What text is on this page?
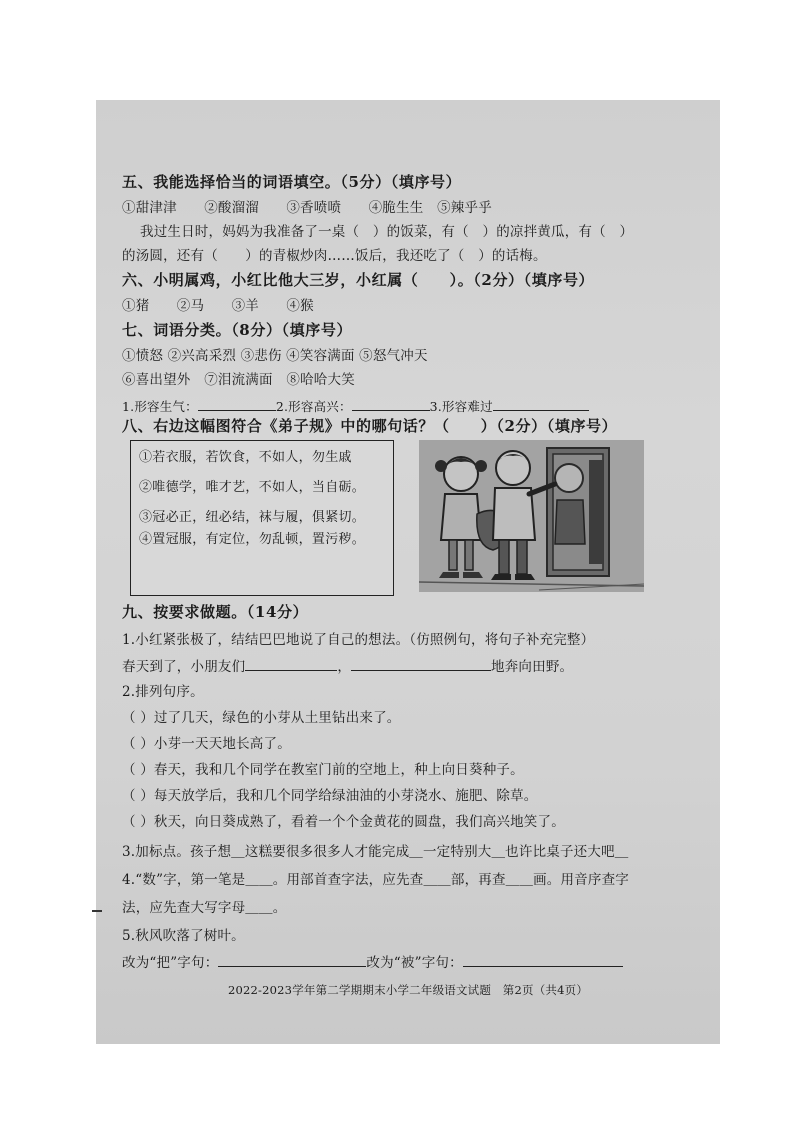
五、我能选择恰当的词语填空。（5分）（填序号）
①甜津津　　②酸溜溜　　③香喷喷　　④脆生生　⑤辣乎乎
我过生日时，妈妈为我准备了一桌（　）的饭菜，有（　）的凉拌黄瓜，有（　）
的汤圆，还有（　　）的青椒炒肉……饭后，我还吃了（　）的话梅。
六、小明属鸡，小红比他大三岁，小红属（　　）。（2分）（填序号）
①猪　　②马　　③羊　　④猴
七、词语分类。（8分）（填序号）
①愤怒 ②兴高采烈 ③悲伤 ④笑容满面 ⑤怒气冲天
⑥喜出望外　⑦泪流满面　⑧哈哈大笑
1.形容生气：	2.形容高兴：	3.形容难过
八、右边这幅图符合《弟子规》中的哪句话？（　　）（2分）（填序号）
①若衣服，若饮食，不如人，勿生戚
②唯德学，唯才艺，不如人，当自砺。
③冠必正，纽必结，袜与履，俱紧切。
④置冠服，有定位，勿乱顿，置污秽。
九、按要求做题。（14分）
1.小红紧张极了，结结巴巴地说了自己的想法。（仿照例句，将句子补充完整）
春天到了，小朋友们	，	地奔向田野。
2.排列句序。
（ ）过了几天，绿色的小芽从土里钻出来了。
（ ）小芽一天天地长高了。
（ ）春天，我和几个同学在教室门前的空地上，种上向日葵种子。
（ ）每天放学后，我和几个同学给绿油油的小芽浇水、施肥、除草。
（ ）秋天，向日葵成熟了，看着一个个金黄花的圆盘，我们高兴地笑了。
3.加标点。孩子想＿这糕要很多很多人才能完成＿一定特别大＿也许比桌子还大吧＿
4.“数”字，第一笔是＿＿。用部首查字法，应先查＿＿部，再查＿＿画。用音序查字
法，应先查大写字母＿＿。
5.秋风吹落了树叶。
改为“把”字句：	改为“被”字句：
2022-2023学年第二学期期末小学二年级语文试题　第2页（共4页）
